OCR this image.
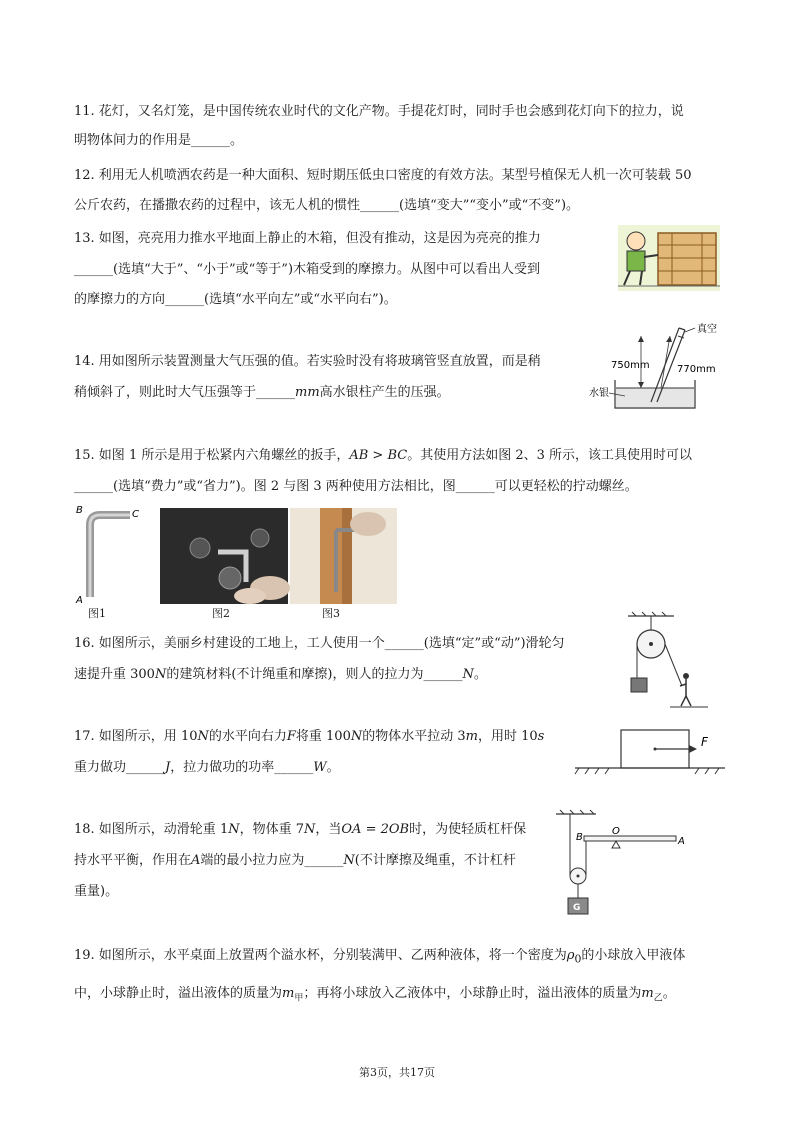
11. 花灯，又名灯笼，是中国传统农业时代的文化产物。手提花灯时，同时手也会感到花灯向下的拉力，说
明物体间力的作用是______。
12. 利用无人机喷洒农药是一种大面积、短时期压低虫口密度的有效方法。某型号植保无人机一次可装载 50
公斤农药，在播撒农药的过程中，该无人机的惯性______(选填“变大”“变小”或“不变”)。
13. 如图，亮亮用力推水平地面上静止的木箱，但没有推动，这是因为亮亮的推力
______(选填“大于”、“小于”或“等于”)木箱受到的摩擦力。从图中可以看出人受到
的摩擦力的方向______(选填“水平向左”或“水平向右”)。
14. 用如图所示装置测量大气压强的值。若实验时没有将玻璃管竖直放置，而是稍
稍倾斜了，则此时大气压强等于______mm高水银柱产生的压强。
真空
750mm	770mm
水银
15. 如图 1 所示是用于松紧内六角螺丝的扳手，AB > BC。其使用方法如图 2、3 所示，该工具使用时可以
______(选填“费力”或“省力”)。图 2 与图 3 两种使用方法相比，图______可以更轻松的拧动螺丝。
B	C
A
图1	图2	图3
16. 如图所示，美丽乡村建设的工地上，工人使用一个______(选填“定”或“动”)滑轮匀
速提升重 300N的建筑材料(不计绳重和摩擦)，则人的拉力为______N。
17. 如图所示，用 10N的水平向右力F将重 100N的物体水平拉动 3m，用时 10s
重力做功______J，拉力做功的功率______W。
F
18. 如图所示，动滑轮重 1N，物体重 7N，当OA = 2OB时，为使轻质杠杆保
持水平平衡，作用在A端的最小拉力应为______N(不计摩擦及绳重，不计杠杆
重量)。
B
O
A
G
19. 如图所示，水平桌面上放置两个溢水杯，分别装满甲、乙两种液体，将一个密度为$\rho_0$的小球放入甲液体
中，小球静止时，溢出液体的质量为$m_甲$；再将小球放入乙液体中，小球静止时，溢出液体的质量为$m_乙$。
第3页，共17页
